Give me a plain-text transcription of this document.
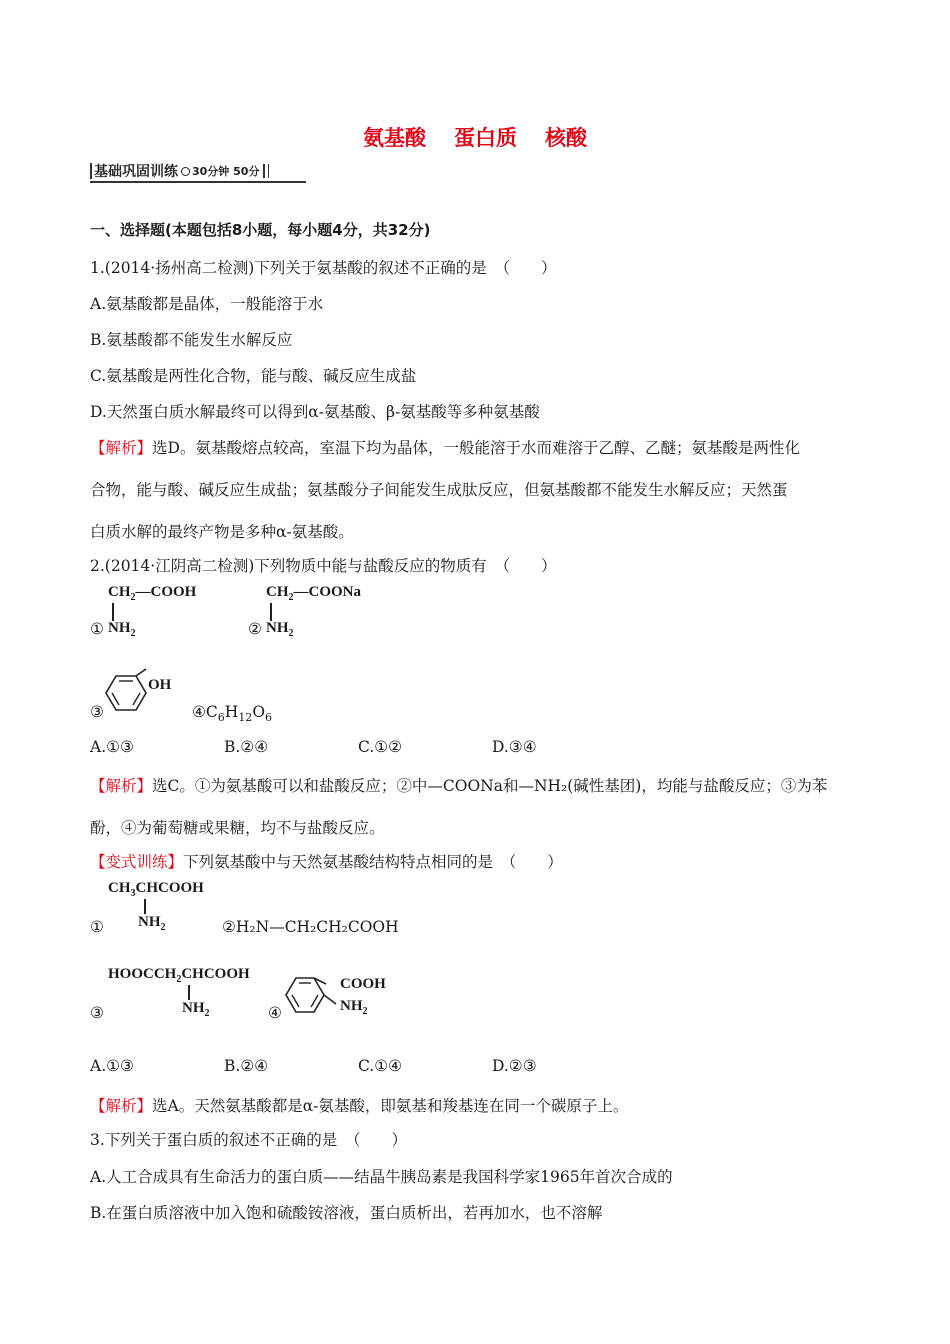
氨基酸 蛋白质 核酸
基础巩固训练 30分钟 50分
一、选择题(本题包括8小题，每小题4分，共32分)
1.(2014·扬州高二检测)下列关于氨基酸的叙述不正确的是　（　　）
A.氨基酸都是晶体，一般能溶于水
B.氨基酸都不能发生水解反应
C.氨基酸是两性化合物，能与酸、碱反应生成盐
D.天然蛋白质水解最终可以得到α-氨基酸、β-氨基酸等多种氨基酸
【解析】选D。氨基酸熔点较高，室温下均为晶体，一般能溶于水而难溶于乙醇、乙醚；氨基酸是两性化
合物，能与酸、碱反应生成盐；氨基酸分子间能发生成肽反应，但氨基酸都不能发生水解反应；天然蛋
白质水解的最终产物是多种α-氨基酸。
2.(2014·江阴高二检测)下列物质中能与盐酸反应的物质有　（　　）
$CH_2—COOH$
① $NH_2$
$CH_2—COONa$
② $NH_2$
OH
③	$④C_6H_{12}O_6$
A.①③	B.②④	C.①②	D.③④
【解析】选C。①为氨基酸可以和盐酸反应；②中—COONa和—NH₂(碱性基团)，均能与盐酸反应；③为苯
酚，④为葡萄糖或果糖，均不与盐酸反应。
【变式训练】下列氨基酸中与天然氨基酸结构特点相同的是　（　　）
$CH_3CHCOOH$
$NH_2$
①	②H₂N—CH₂CH₂COOH
$HOOCCH_2CHCOOH$
$NH_2$
③	④
COOH
$NH_2$
A.①③	B.②④	C.①④	D.②③
【解析】选A。天然氨基酸都是α-氨基酸，即氨基和羧基连在同一个碳原子上。
3.下列关于蛋白质的叙述不正确的是　（　　）
A.人工合成具有生命活力的蛋白质——结晶牛胰岛素是我国科学家1965年首次合成的
B.在蛋白质溶液中加入饱和硫酸铵溶液，蛋白质析出，若再加水，也不溶解
